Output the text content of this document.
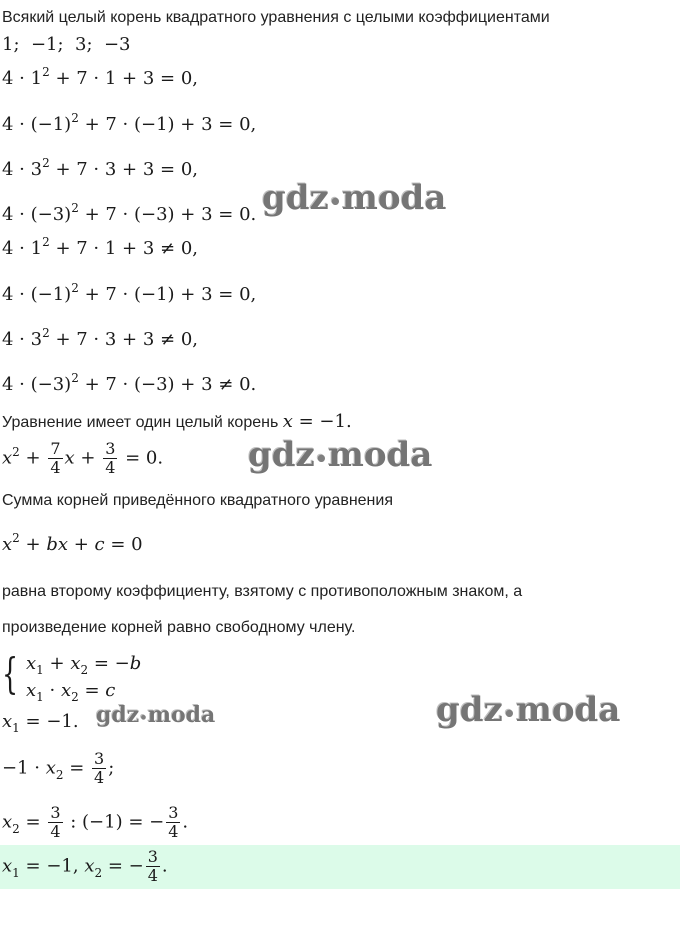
Всякий целый корень квадратного уравнения с целыми коэффициентами
1;  −1;  3;  −3
$4 \cdot 1^2 + 7 \cdot 1 + 3 = 0$,
$4 \cdot (-1)^2 + 7 \cdot (-1) + 3 = 0$,
$4 \cdot 3^2 + 7 \cdot 3 + 3 = 0$,
$4 \cdot (-3)^2 + 7 \cdot (-3) + 3 = 0$.
$4 \cdot 1^2 + 7 \cdot 1 + 3 \ne 0$,
$4 \cdot (-1)^2 + 7 \cdot (-1) + 3 = 0$,
$4 \cdot 3^2 + 7 \cdot 3 + 3 \ne 0$,
$4 \cdot (-3)^2 + 7 \cdot (-3) + 3 \ne 0$.
Уравнение имеет один целый корень x = −1.
$x^2 + \frac{7}{4}$ $x + \frac{3}{4} = 0$.
Сумма корней приведённого квадратного уравнения
$x^2$ + bx + c = 0
равна второму коэффициенту, взятому с противоположным знаком, а
произведение корней равно свободному члену.
{ $x_1 + x_2 = -b$
$x_1 \cdot x_2 = c$
$x_1 = -1$.
$-1 \cdot x_2 = \frac{3}{4}$ ;
$x_2 = \frac{3}{4}$ : (−1) = − $\frac{3}{4}$ .
$x_1 = -1$, $x_2$ = − $\frac{3}{4}$ .
gdz•moda
gdz•moda
gdz•moda	gdz•moda
